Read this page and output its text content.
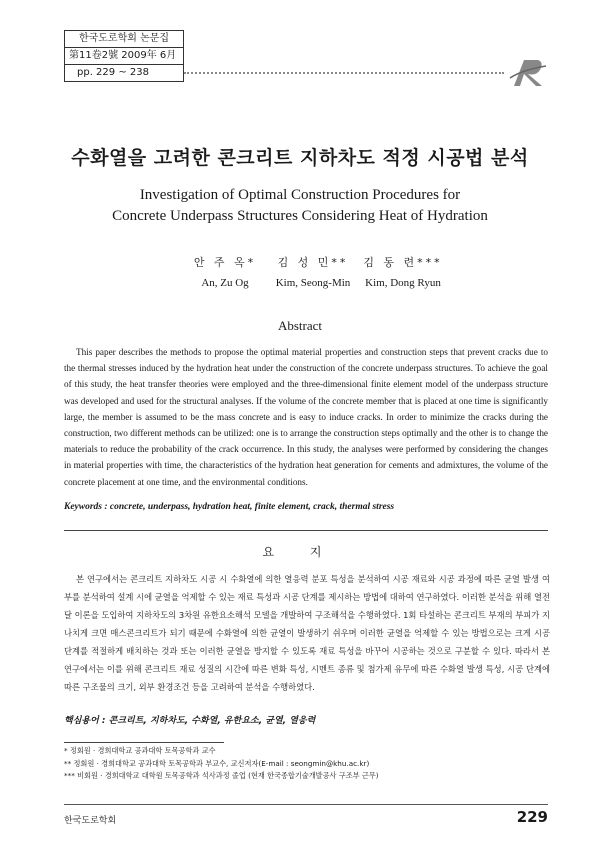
한국도로학회 논문집
第11卷2號 2009年 6月
pp. 229 ~ 238
수화열을 고려한 콘크리트 지하차도 적정 시공법 분석
Investigation of Optimal Construction Procedures for
Concrete Underpass Structures Considering Heat of Hydration
안 주 옥*
An, Zu Og
김 성 민**
Kim, Seong-Min
김 동 련***
Kim, Dong Ryun
Abstract

This paper describes the methods to propose the optimal material properties and construction steps that prevent cracks due to the thermal stresses induced by the hydration heat under the construction of the concrete underpass structures. To achieve the goal of this study, the heat transfer theories were employed and the three-dimensional finite element model of the underpass structure was developed and used for the structural analyses. If the volume of the concrete member that is placed at one time is significantly large, the member is assumed to be the mass concrete and is easy to induce cracks. In order to minimize the cracks during the construction, two different methods can be utilized: one is to arrange the construction steps optimally and the other is to change the materials to reduce the probability of the crack occurrence. In this study, the analyses were performed by considering the changes in material properties with time, the characteristics of the hydration heat generation for cements and admixtures, the volume of the concrete placement at one time, and the environmental conditions.

Keywords : concrete, underpass, hydration heat, finite element, crack, thermal stress
요 지

본 연구에서는 콘크리트 지하차도 시공 시 수화열에 의한 열응력 분포 특성을 분석하여 시공 재료와 시공 과정에 따른 균열 발생 여부를 분석하여 설계 시에 균열을 억제할 수 있는 재료 특성과 시공 단계를 제시하는 방법에 대하여 연구하였다. 이러한 분석을 위해 열전달 이론을 도입하여 지하차도의 3차원 유한요소해석 모델을 개발하여 구조해석을 수행하였다. 1회 타설하는 콘크리트 부재의 부피가 지나치게 크면 매스콘크리트가 되기 때문에 수화열에 의한 균열이 발생하기 쉬우며 이러한 균열을 억제할 수 있는 방법으로는 크게 시공 단계를 적절하게 배치하는 것과 또는 이러한 균열을 방지할 수 있도록 재료 특성을 바꾸어 시공하는 것으로 구분할 수 있다. 따라서 본 연구에서는 이를 위해 콘크리트 재료 성질의 시간에 따른 변화 특성, 시멘트 종류 및 첨가제 유무에 따른 수화열 발생 특성, 시공 단계에 따른 구조물의 크기, 외부 환경조건 등을 고려하여 분석을 수행하였다.

핵심용어 : 콘크리트, 지하차도, 수화열, 유한요소, 균열, 열응력
* 정회원 · 경희대학교 공과대학 토목공학과 교수
** 정회원 · 경희대학교 공과대학 토목공학과 부교수, 교신저자(E-mail : seongmin@khu.ac.kr)
*** 비회원 · 경희대학교 대학원 토목공학과 석사과정 졸업 (현재 한국종합기술개발공사 구조부 근무)
한국도로학회	229
